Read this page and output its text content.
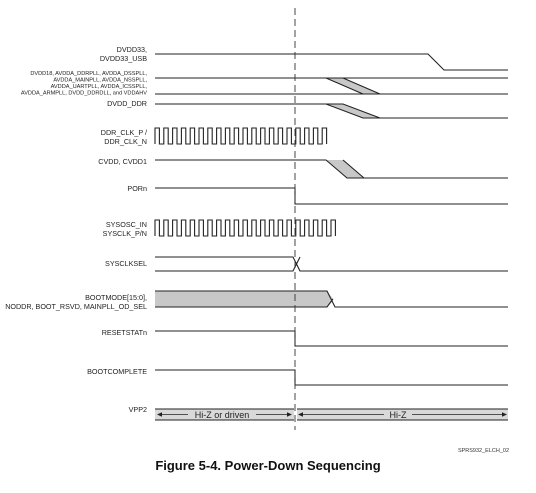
DVDD33,
DVDD33_USB
DVDD18, AVDDA_DDRPLL, AVDDA_DSSPLL,
AVDDA_MAINPLL, AVDDA_NSSPLL,
AVDDA_UARTPLL, AVDDA_ICSSPLL,
AVDDA_ARMPLL, DVDD_DDRDLL, and VDDAHV
DVDD_DDR
DDR_CLK_P /
DDR_CLK_N
CVDD, CVDD1
PORn
SYSOSC_IN
SYSCLK_P/N
SYSCLKSEL
BOOTMODE[15:0],
NODDR, BOOT_RSVD, MAINPLL_OD_SEL
RESETSTATn
BOOTCOMPLETE
VPP2
Hi-Z or driven	Hi-Z
SPRS932_ELCH_02
Figure 5-4. Power-Down Sequencing
